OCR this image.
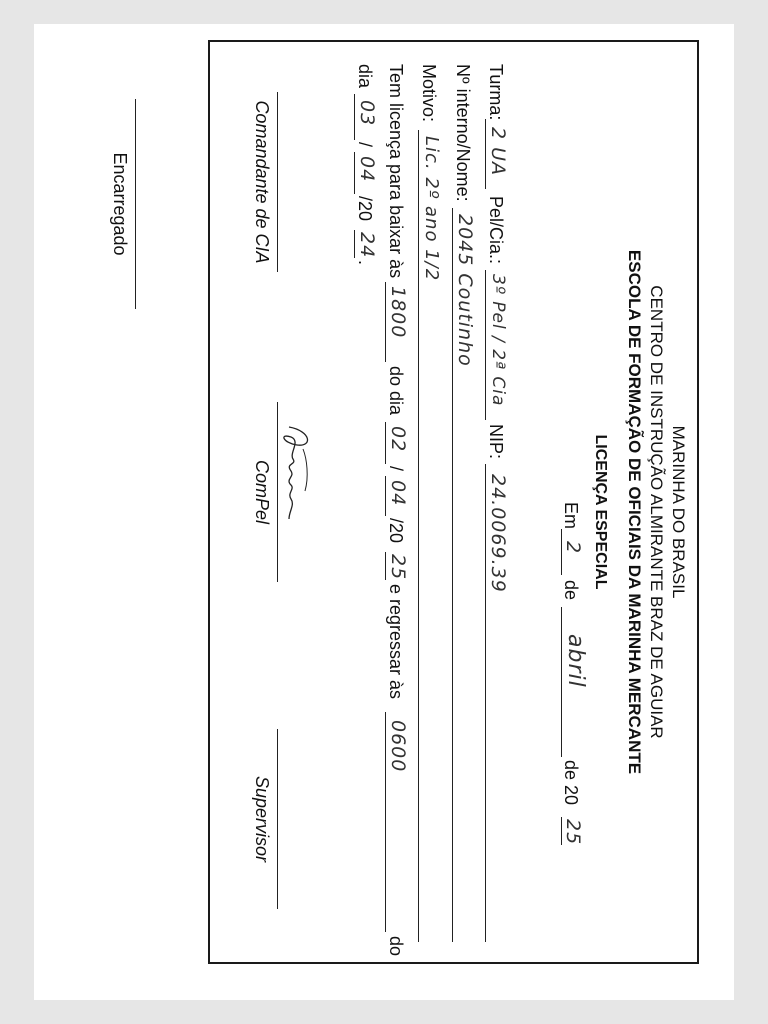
MARINHA DO BRASIL
CENTRO DE INSTRUÇÃO ALMIRANTE BRAZ DE AGUIAR
ESCOLA DE FORMAÇÃO DE OFICIAIS DA MARINHA MERCANTE
LICENÇA ESPECIAL
Em
2
de
abril
de 20
25
Turma:
2 UA
Pel/Cia.:
3º Pel / 2ª Cia
NIP:
24.0069.39
Nº interno/Nome:
2045 Coutinho
Motivo:
Lic. 2º ano 1/2
Tem licença para baixar às
1800
do dia
02
/
04
/20
25
e regressar às
0600
do
dia
03
/
04
/20
24
.
Comandante de CIA
ComPel
Supervisor
Encarregado
